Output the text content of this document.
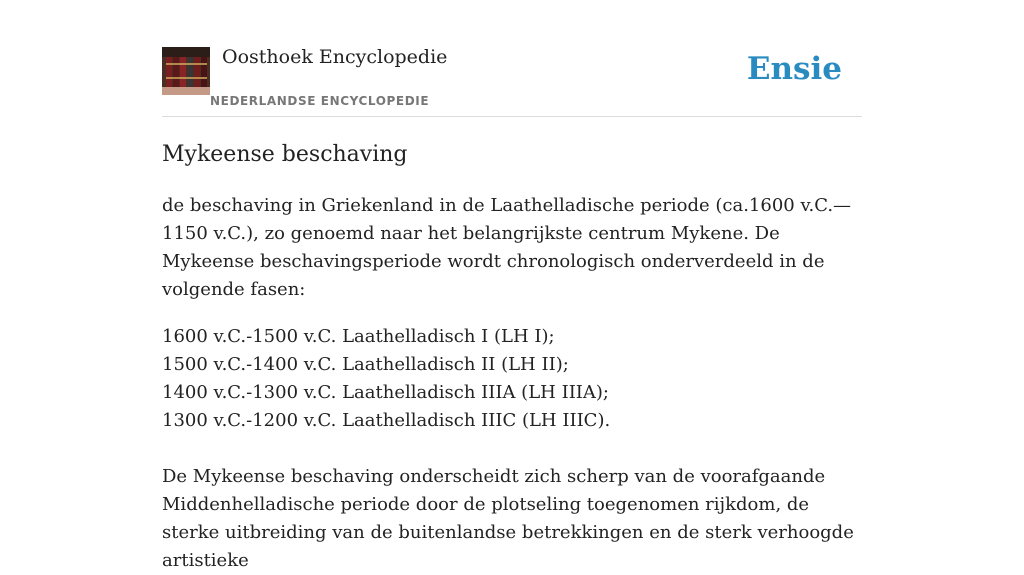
Oosthoek Encyclopedie
NEDERLANDSE ENCYCLOPEDIE
Ensie
Mykeense beschaving

de beschaving in Griekenland in de Laathelladische periode (ca.1600 v.C.—1150 v.C.), zo genoemd naar het belangrijkste centrum Mykene. De Mykeense beschavingsperiode wordt chronologisch onderverdeeld in de volgende fasen:

1600 v.C.-1500 v.C. Laathelladisch I (LH I);
1500 v.C.-1400 v.C. Laathelladisch II (LH II);
1400 v.C.-1300 v.C. Laathelladisch IIIA (LH IIIA);
1300 v.C.-1200 v.C. Laathelladisch IIIC (LH IIIC).

De Mykeense beschaving onderscheidt zich scherp van de voorafgaande Middenhelladische periode door de plotseling toegenomen rijkdom, de sterke uitbreiding van de buitenlandse betrekkingen en de sterk verhoogde artistieke
